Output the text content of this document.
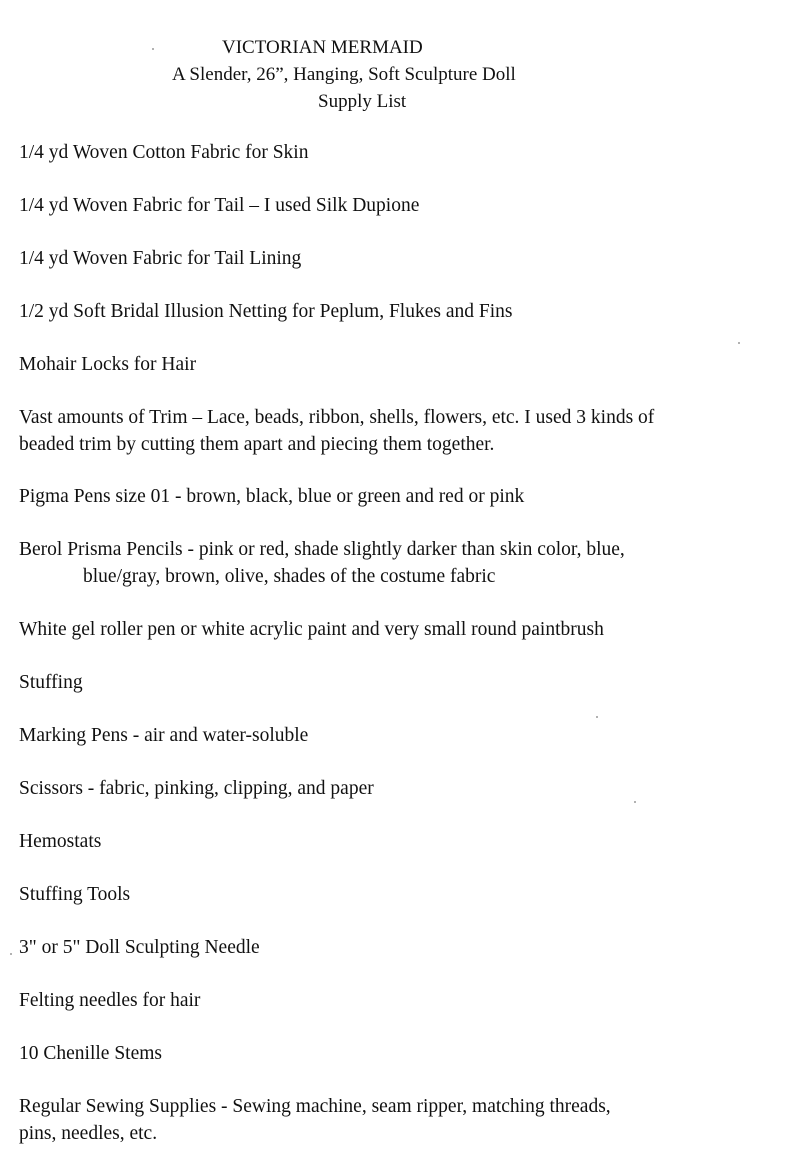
VICTORIAN MERMAID
A Slender, 26”, Hanging, Soft Sculpture Doll
Supply List
1/4 yd Woven Cotton Fabric for Skin
1/4 yd Woven Fabric for Tail – I used Silk Dupione
1/4 yd Woven Fabric for Tail Lining
1/2 yd Soft Bridal Illusion Netting for Peplum, Flukes and Fins
Mohair Locks for Hair
Vast amounts of Trim – Lace, beads, ribbon, shells, flowers, etc. I used 3 kinds of
beaded trim by cutting them apart and piecing them together.
Pigma Pens size 01 - brown, black, blue or green and red or pink
Berol Prisma Pencils - pink or red, shade slightly darker than skin color, blue,
blue/gray, brown, olive, shades of the costume fabric
White gel roller pen or white acrylic paint and very small round paintbrush
Stuffing
Marking Pens - air and water-soluble
Scissors - fabric, pinking, clipping, and paper
Hemostats
Stuffing Tools
3" or 5" Doll Sculpting Needle
Felting needles for hair
10 Chenille Stems
Regular Sewing Supplies - Sewing machine, seam ripper, matching threads,
pins, needles, etc.
